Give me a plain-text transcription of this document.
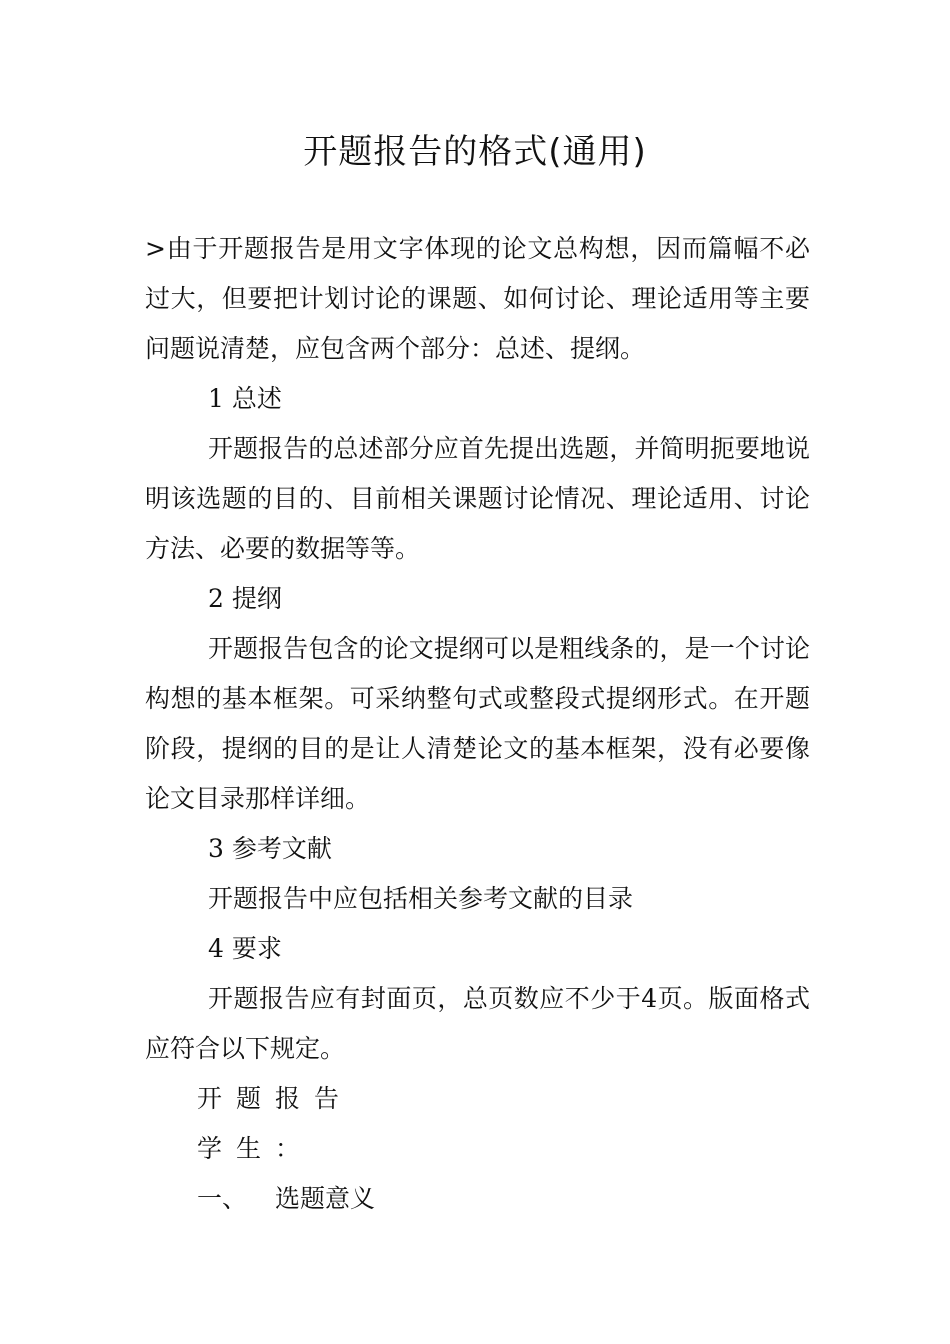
开题报告的格式(通用)

>由于开题报告是用文字体现的论文总构想，因而篇幅不必过大，但要把计划讨论的课题、如何讨论、理论适用等主要问题说清楚，应包含两个部分：总述、提纲。

1 总述

开题报告的总述部分应首先提出选题，并简明扼要地说明该选题的目的、目前相关课题讨论情况、理论适用、讨论方法、必要的数据等等。

2 提纲

开题报告包含的论文提纲可以是粗线条的，是一个讨论构想的基本框架。可采纳整句式或整段式提纲形式。在开题阶段，提纲的目的是让人清楚论文的基本框架，没有必要像论文目录那样详细。

3 参考文献

开题报告中应包括相关参考文献的目录

4 要求

开题报告应有封面页，总页数应不少于4页。版面格式应符合以下规定。

开题报告

学生：

一、 选题意义
